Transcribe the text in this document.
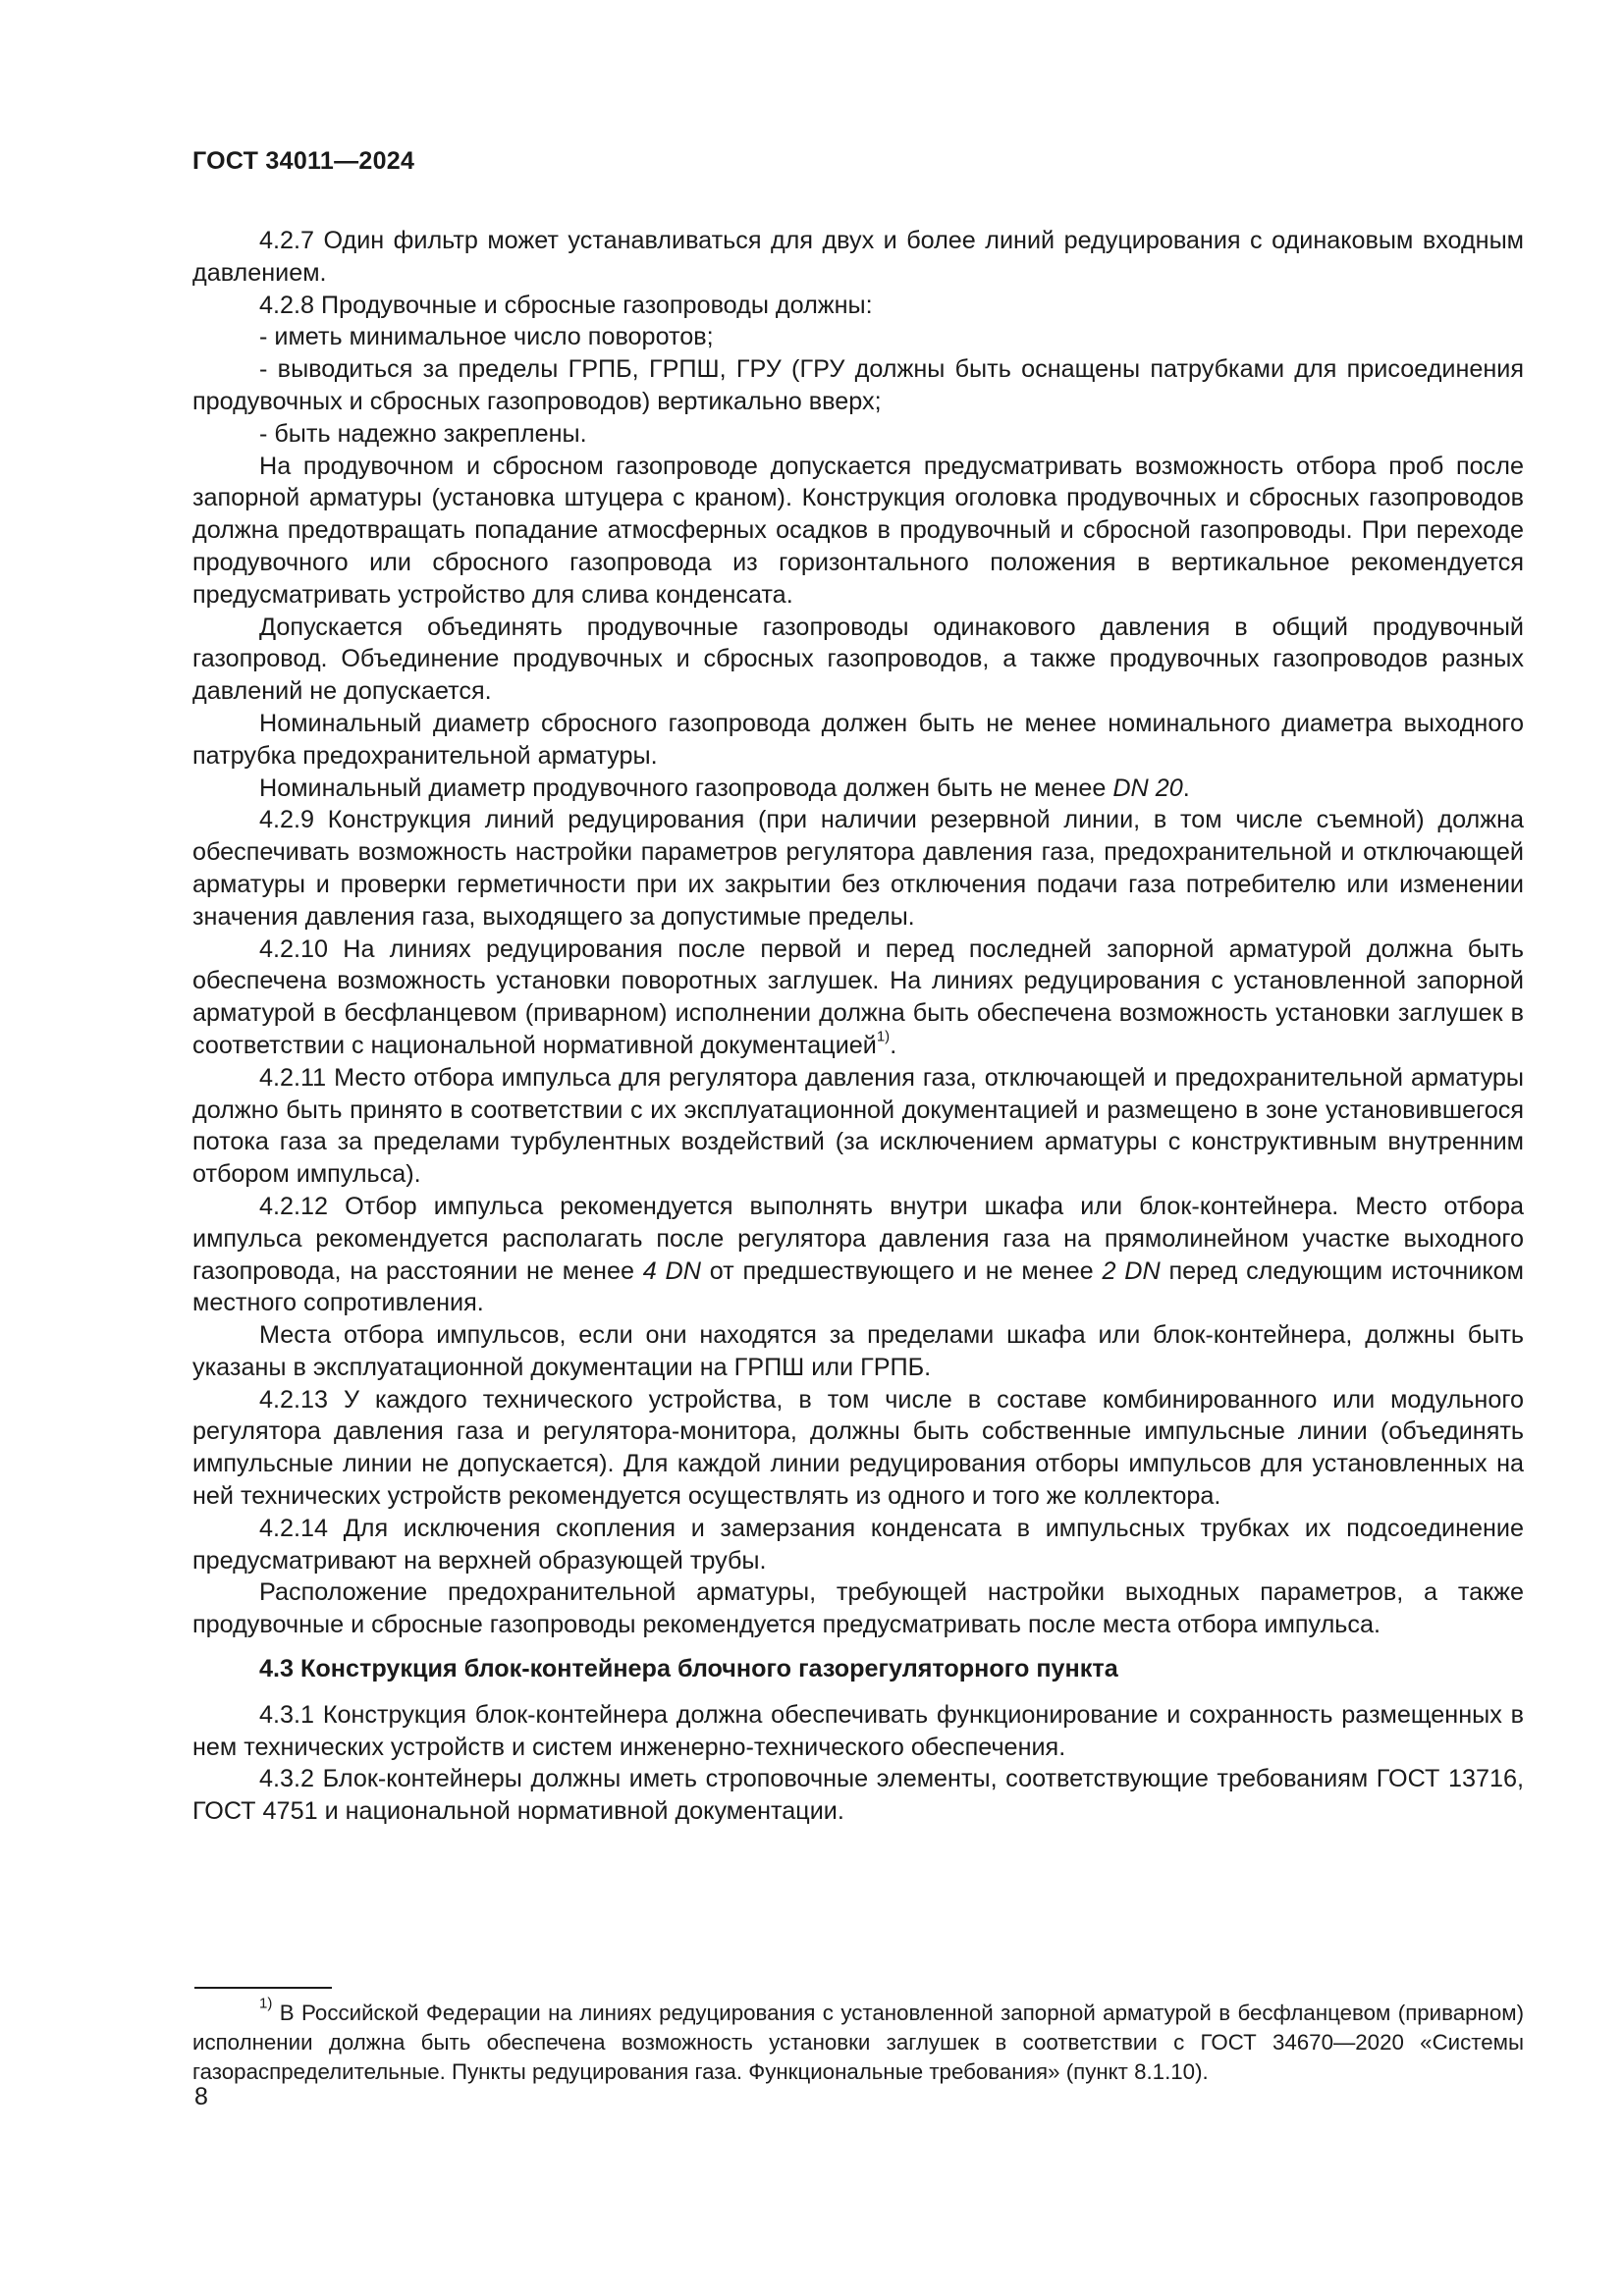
ГОСТ 34011—2024

4.2.7 Один фильтр может устанавливаться для двух и более линий редуцирования с одинаковым входным давлением.

4.2.8 Продувочные и сбросные газопроводы должны:

- иметь минимальное число поворотов;

- выводиться за пределы ГРПБ, ГРПШ, ГРУ (ГРУ должны быть оснащены патрубками для присоединения продувочных и сбросных газопроводов) вертикально вверх;

- быть надежно закреплены.

На продувочном и сбросном газопроводе допускается предусматривать возможность отбора проб после запорной арматуры (установка штуцера с краном). Конструкция оголовка продувочных и сбросных газопроводов должна предотвращать попадание атмосферных осадков в продувочный и сбросной газопроводы. При переходе продувочного или сбросного газопровода из горизонтального положения в вертикальное рекомендуется предусматривать устройство для слива конденсата.

Допускается объединять продувочные газопроводы одинакового давления в общий продувочный газопровод. Объединение продувочных и сбросных газопроводов, а также продувочных газопроводов разных давлений не допускается.

Номинальный диаметр сбросного газопровода должен быть не менее номинального диаметра выходного патрубка предохранительной арматуры.

Номинальный диаметр продувочного газопровода должен быть не менее DN 20.

4.2.9 Конструкция линий редуцирования (при наличии резервной линии, в том числе съемной) должна обеспечивать возможность настройки параметров регулятора давления газа, предохранительной и отключающей арматуры и проверки герметичности при их закрытии без отключения подачи газа потребителю или изменении значения давления газа, выходящего за допустимые пределы.

4.2.10 На линиях редуцирования после первой и перед последней запорной арматурой должна быть обеспечена возможность установки поворотных заглушек. На линиях редуцирования с установленной запорной арматурой в бесфланцевом (приварном) исполнении должна быть обеспечена возможность установки заглушек в соответствии с национальной нормативной документацией$^{1)}$.

4.2.11 Место отбора импульса для регулятора давления газа, отключающей и предохранительной арматуры должно быть принято в соответствии с их эксплуатационной документацией и размещено в зоне установившегося потока газа за пределами турбулентных воздействий (за исключением арматуры с конструктивным внутренним отбором импульса).

4.2.12 Отбор импульса рекомендуется выполнять внутри шкафа или блок-контейнера. Место отбора импульса рекомендуется располагать после регулятора давления газа на прямолинейном участке выходного газопровода, на расстоянии не менее 4 DN от предшествующего и не менее 2 DN перед следующим источником местного сопротивления.

Места отбора импульсов, если они находятся за пределами шкафа или блок-контейнера, должны быть указаны в эксплуатационной документации на ГРПШ или ГРПБ.

4.2.13 У каждого технического устройства, в том числе в составе комбинированного или модульного регулятора давления газа и регулятора-монитора, должны быть собственные импульсные линии (объединять импульсные линии не допускается). Для каждой линии редуцирования отборы импульсов для установленных на ней технических устройств рекомендуется осуществлять из одного и того же коллектора.

4.2.14 Для исключения скопления и замерзания конденсата в импульсных трубках их подсоединение предусматривают на верхней образующей трубы.

Расположение предохранительной арматуры, требующей настройки выходных параметров, а также продувочные и сбросные газопроводы рекомендуется предусматривать после места отбора импульса.

4.3 Конструкция блок-контейнера блочного газорегуляторного пункта

4.3.1 Конструкция блок-контейнера должна обеспечивать функционирование и сохранность размещенных в нем технических устройств и систем инженерно-технического обеспечения.

4.3.2 Блок-контейнеры должны иметь строповочные элементы, соответствующие требованиям ГОСТ 13716, ГОСТ 4751 и национальной нормативной документации.

$^{1)}$ В Российской Федерации на линиях редуцирования с установленной запорной арматурой в бесфланцевом (приварном) исполнении должна быть обеспечена возможность установки заглушек в соответствии с ГОСТ 34670—2020 «Системы газораспределительные. Пункты редуцирования газа. Функциональные требования» (пункт 8.1.10).

8
